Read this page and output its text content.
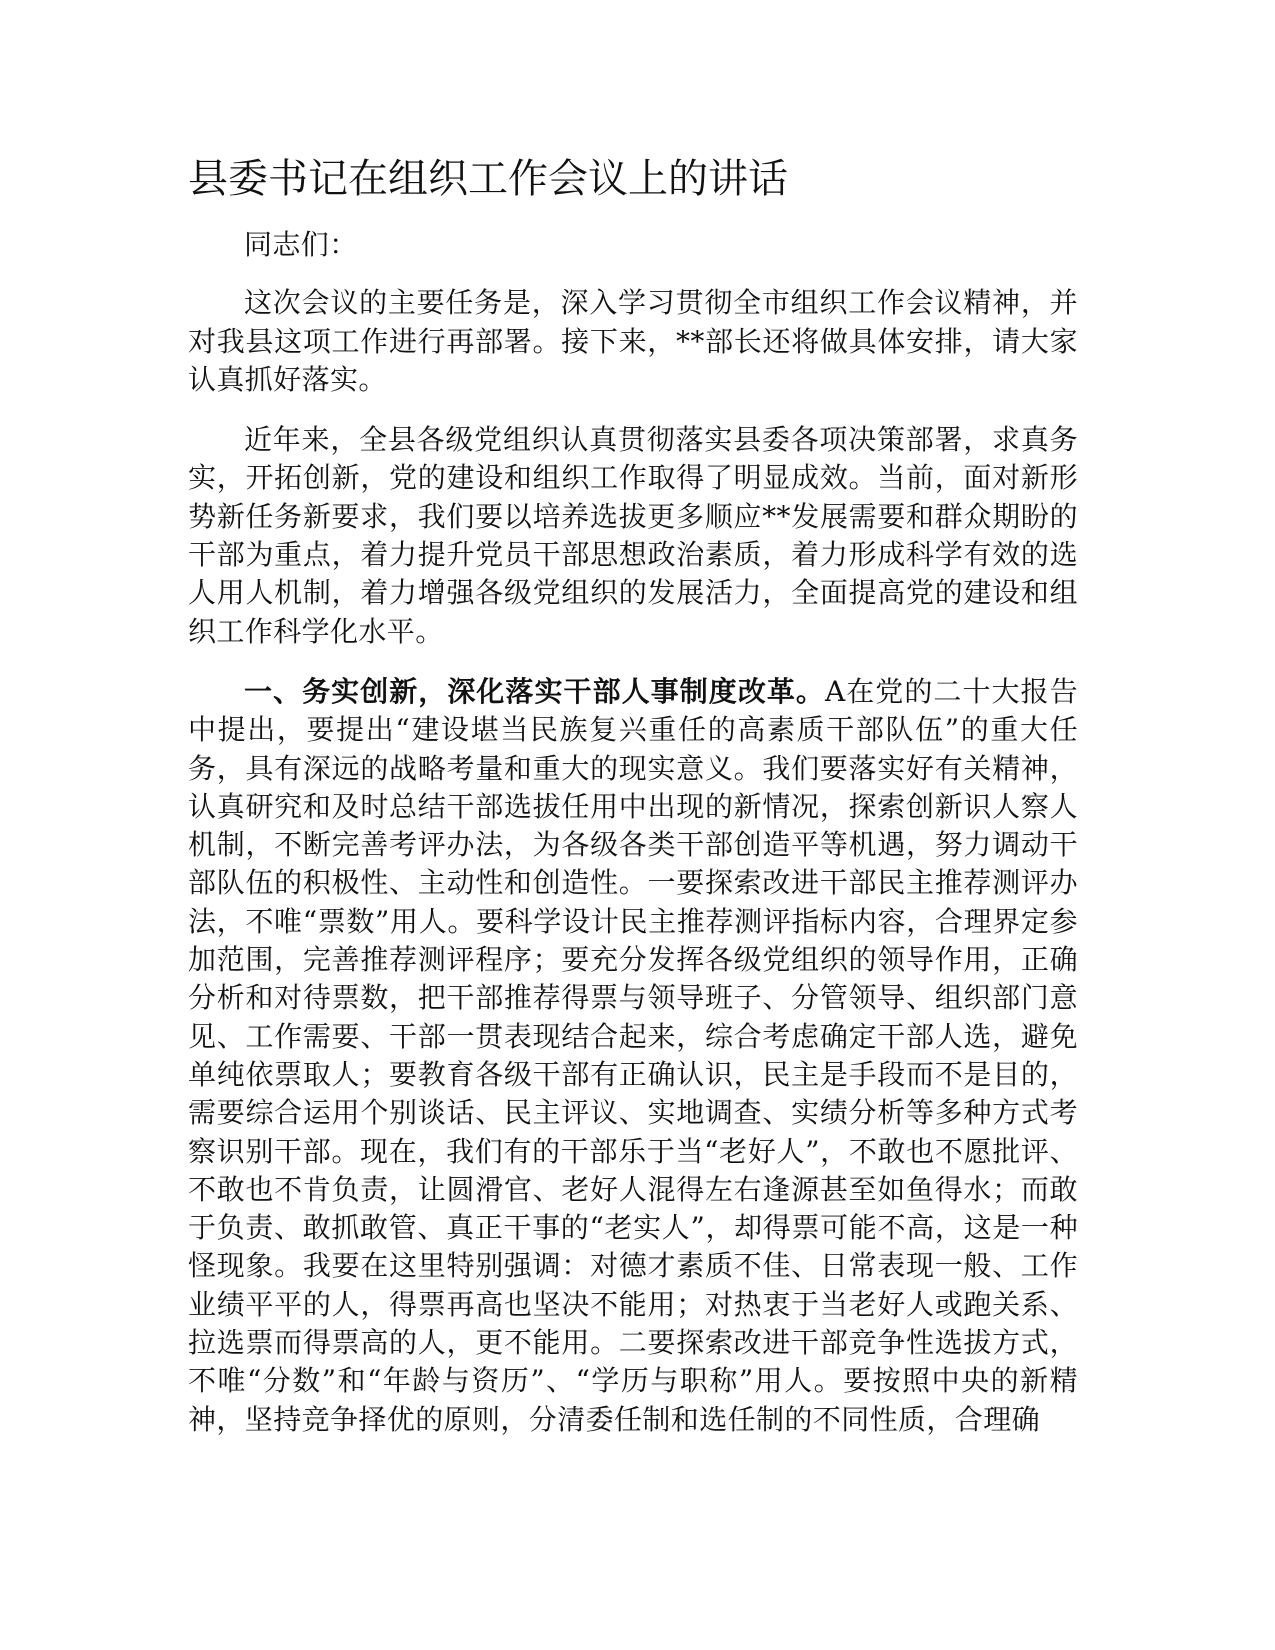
县委书记在组织工作会议上的讲话

同志们：

这次会议的主要任务是，深入学习贯彻全市组织工作会议精神，并对我县这项工作进行再部署。接下来，**部长还将做具体安排，请大家认真抓好落实。

近年来，全县各级党组织认真贯彻落实县委各项决策部署，求真务实，开拓创新，党的建设和组织工作取得了明显成效。当前，面对新形势新任务新要求，我们要以培养选拔更多顺应**发展需要和群众期盼的干部为重点，着力提升党员干部思想政治素质，着力形成科学有效的选人用人机制，着力增强各级党组织的发展活力，全面提高党的建设和组织工作科学化水平。

一、务实创新，深化落实干部人事制度改革。A在党的二十大报告中提出，要提出“建设堪当民族复兴重任的高素质干部队伍”的重大任务，具有深远的战略考量和重大的现实意义。我们要落实好有关精神，认真研究和及时总结干部选拔任用中出现的新情况，探索创新识人察人机制，不断完善考评办法，为各级各类干部创造平等机遇，努力调动干部队伍的积极性、主动性和创造性。一要探索改进干部民主推荐测评办法，不唯“票数”用人。要科学设计民主推荐测评指标内容，合理界定参加范围，完善推荐测评程序；要充分发挥各级党组织的领导作用，正确分析和对待票数，把干部推荐得票与领导班子、分管领导、组织部门意见、工作需要、干部一贯表现结合起来，综合考虑确定干部人选，避免单纯依票取人；要教育各级干部有正确认识，民主是手段而不是目的，需要综合运用个别谈话、民主评议、实地调查、实绩分析等多种方式考察识别干部。现在，我们有的干部乐于当“老好人”，不敢也不愿批评、不敢也不肯负责，让圆滑官、老好人混得左右逢源甚至如鱼得水；而敢于负责、敢抓敢管、真正干事的“老实人”，却得票可能不高，这是一种怪现象。我要在这里特别强调：对德才素质不佳、日常表现一般、工作业绩平平的人，得票再高也坚决不能用；对热衷于当老好人或跑关系、拉选票而得票高的人，更不能用。二要探索改进干部竞争性选拔方式，不唯“分数”和“年龄与资历”、“学历与职称”用人。要按照中央的新精神，坚持竞争择优的原则，分清委任制和选任制的不同性质，合理确
